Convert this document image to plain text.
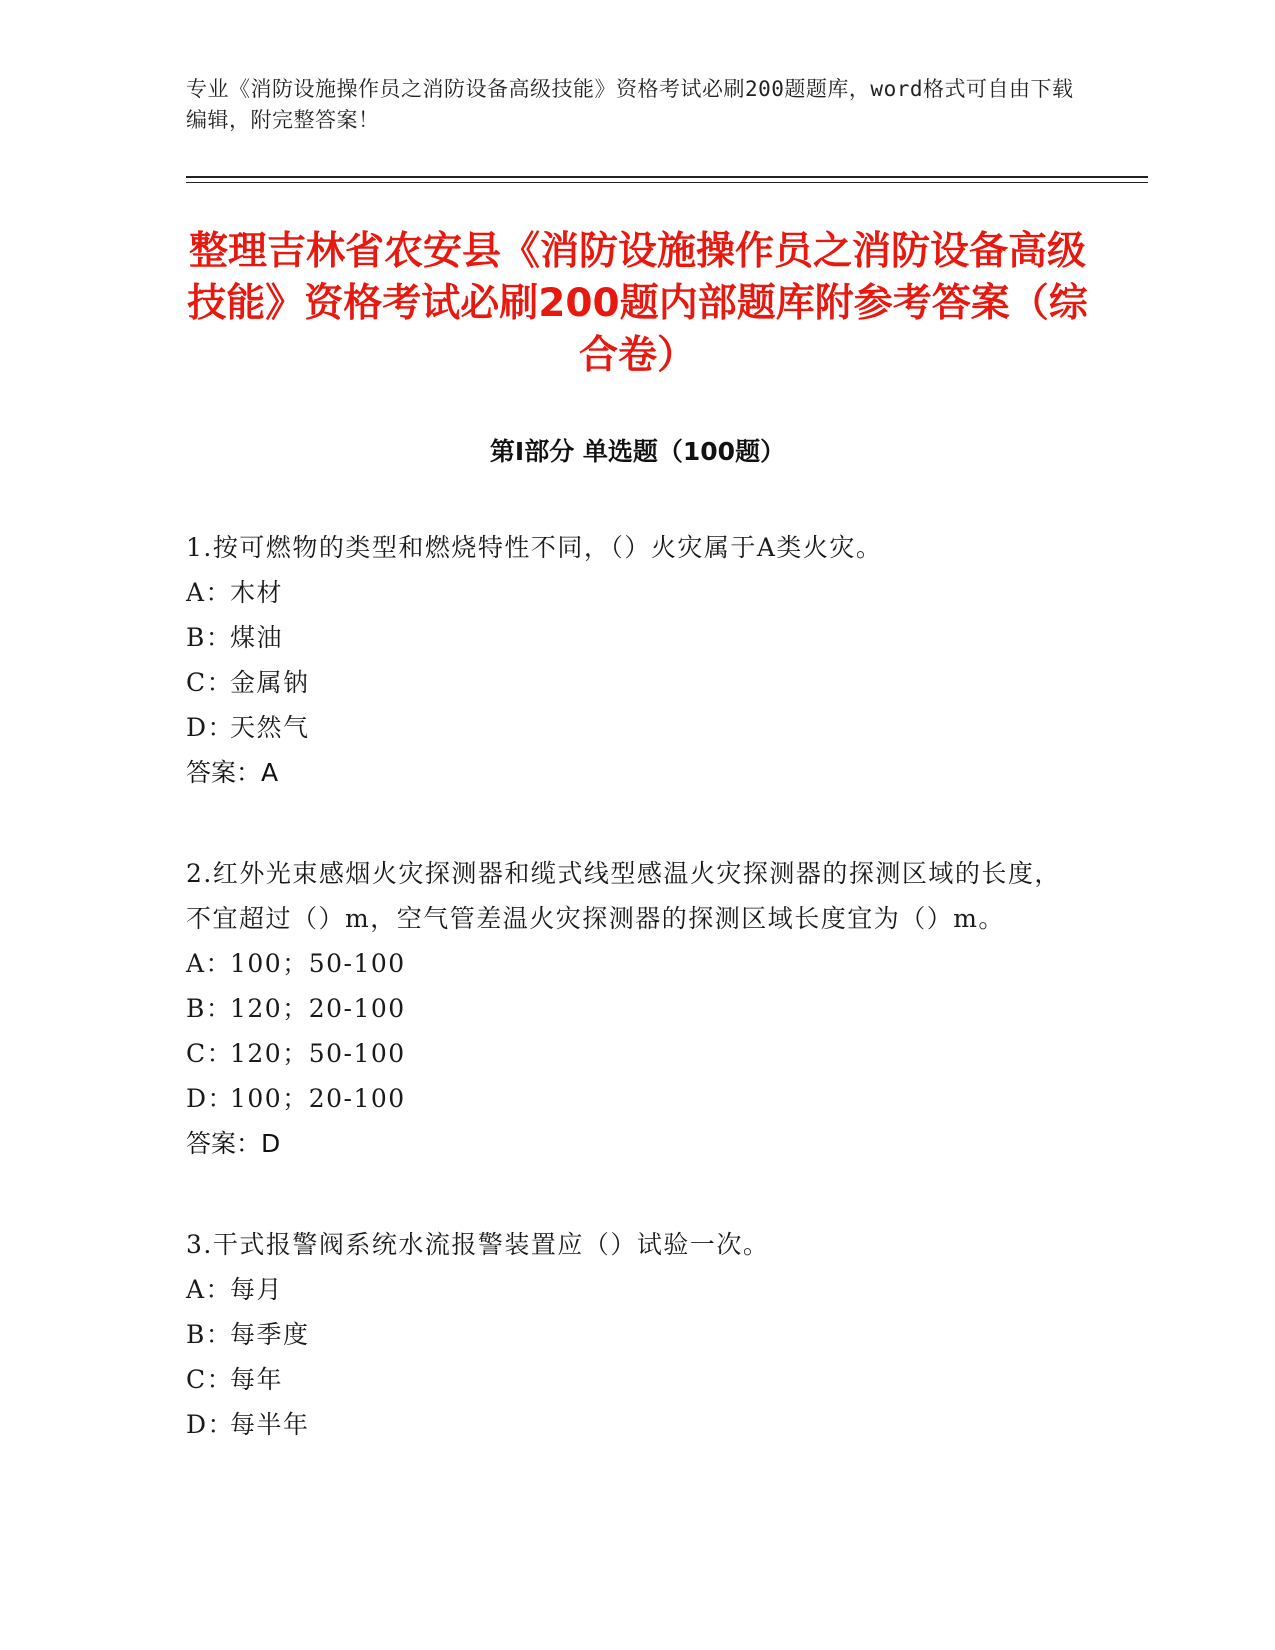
专业《消防设施操作员之消防设备高级技能》资格考试必刷200题题库，word格式可自由下载编辑，附完整答案！
整理吉林省农安县《消防设施操作员之消防设备高级技能》资格考试必刷200题内部题库附参考答案（综合卷）
第Ⅰ部分 单选题（100题）

1.按可燃物的类型和燃烧特性不同，（）火灾属于A类火灾。

A：木材

B：煤油

C：金属钠

D：天然气

答案：A

2.红外光束感烟火灾探测器和缆式线型感温火灾探测器的探测区域的长度，不宜超过（）m，空气管差温火灾探测器的探测区域长度宜为（）m。

A：100；50-100

B：120；20-100

C：120；50-100

D：100；20-100

答案：D

3.干式报警阀系统水流报警装置应（）试验一次。

A：每月

B：每季度

C：每年

D：每半年
